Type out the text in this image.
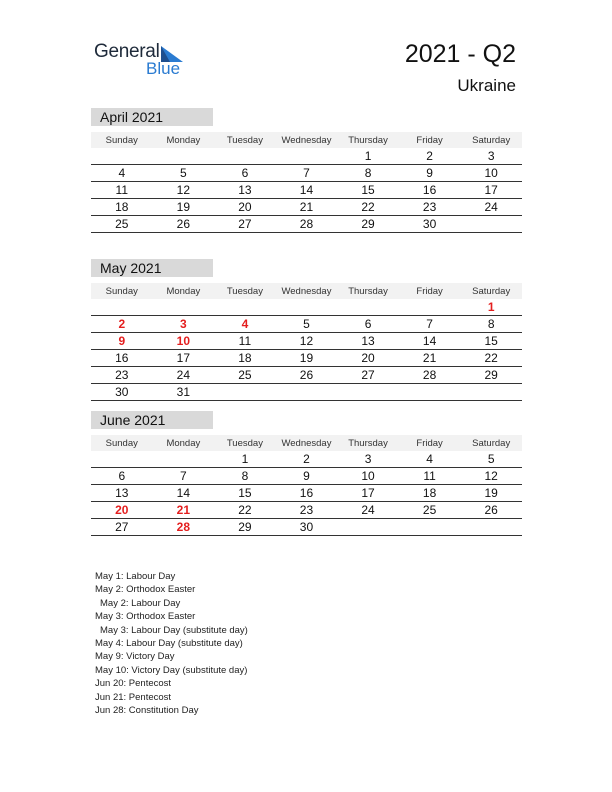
General
Blue
2021 - Q2
Ukraine
April 2021
Sunday	Monday	Tuesday	Wednesday	Thursday	Friday	Saturday
				1	2	3
4	5	6	7	8	9	10
11	12	13	14	15	16	17
18	19	20	21	22	23	24
25	26	27	28	29	30	
May 2021
Sunday	Monday	Tuesday	Wednesday	Thursday	Friday	Saturday
						1
2	3	4	5	6	7	8
9	10	11	12	13	14	15
16	17	18	19	20	21	22
23	24	25	26	27	28	29
30	31					
June 2021
Sunday	Monday	Tuesday	Wednesday	Thursday	Friday	Saturday
		1	2	3	4	5
6	7	8	9	10	11	12
13	14	15	16	17	18	19
20	21	22	23	24	25	26
27	28	29	30			
May 1: Labour Day
May 2: Orthodox Easter
May 2: Labour Day
May 3: Orthodox Easter
May 3: Labour Day (substitute day)
May 4: Labour Day (substitute day)
May 9: Victory Day
May 10: Victory Day (substitute day)
Jun 20: Pentecost
Jun 21: Pentecost
Jun 28: Constitution Day
